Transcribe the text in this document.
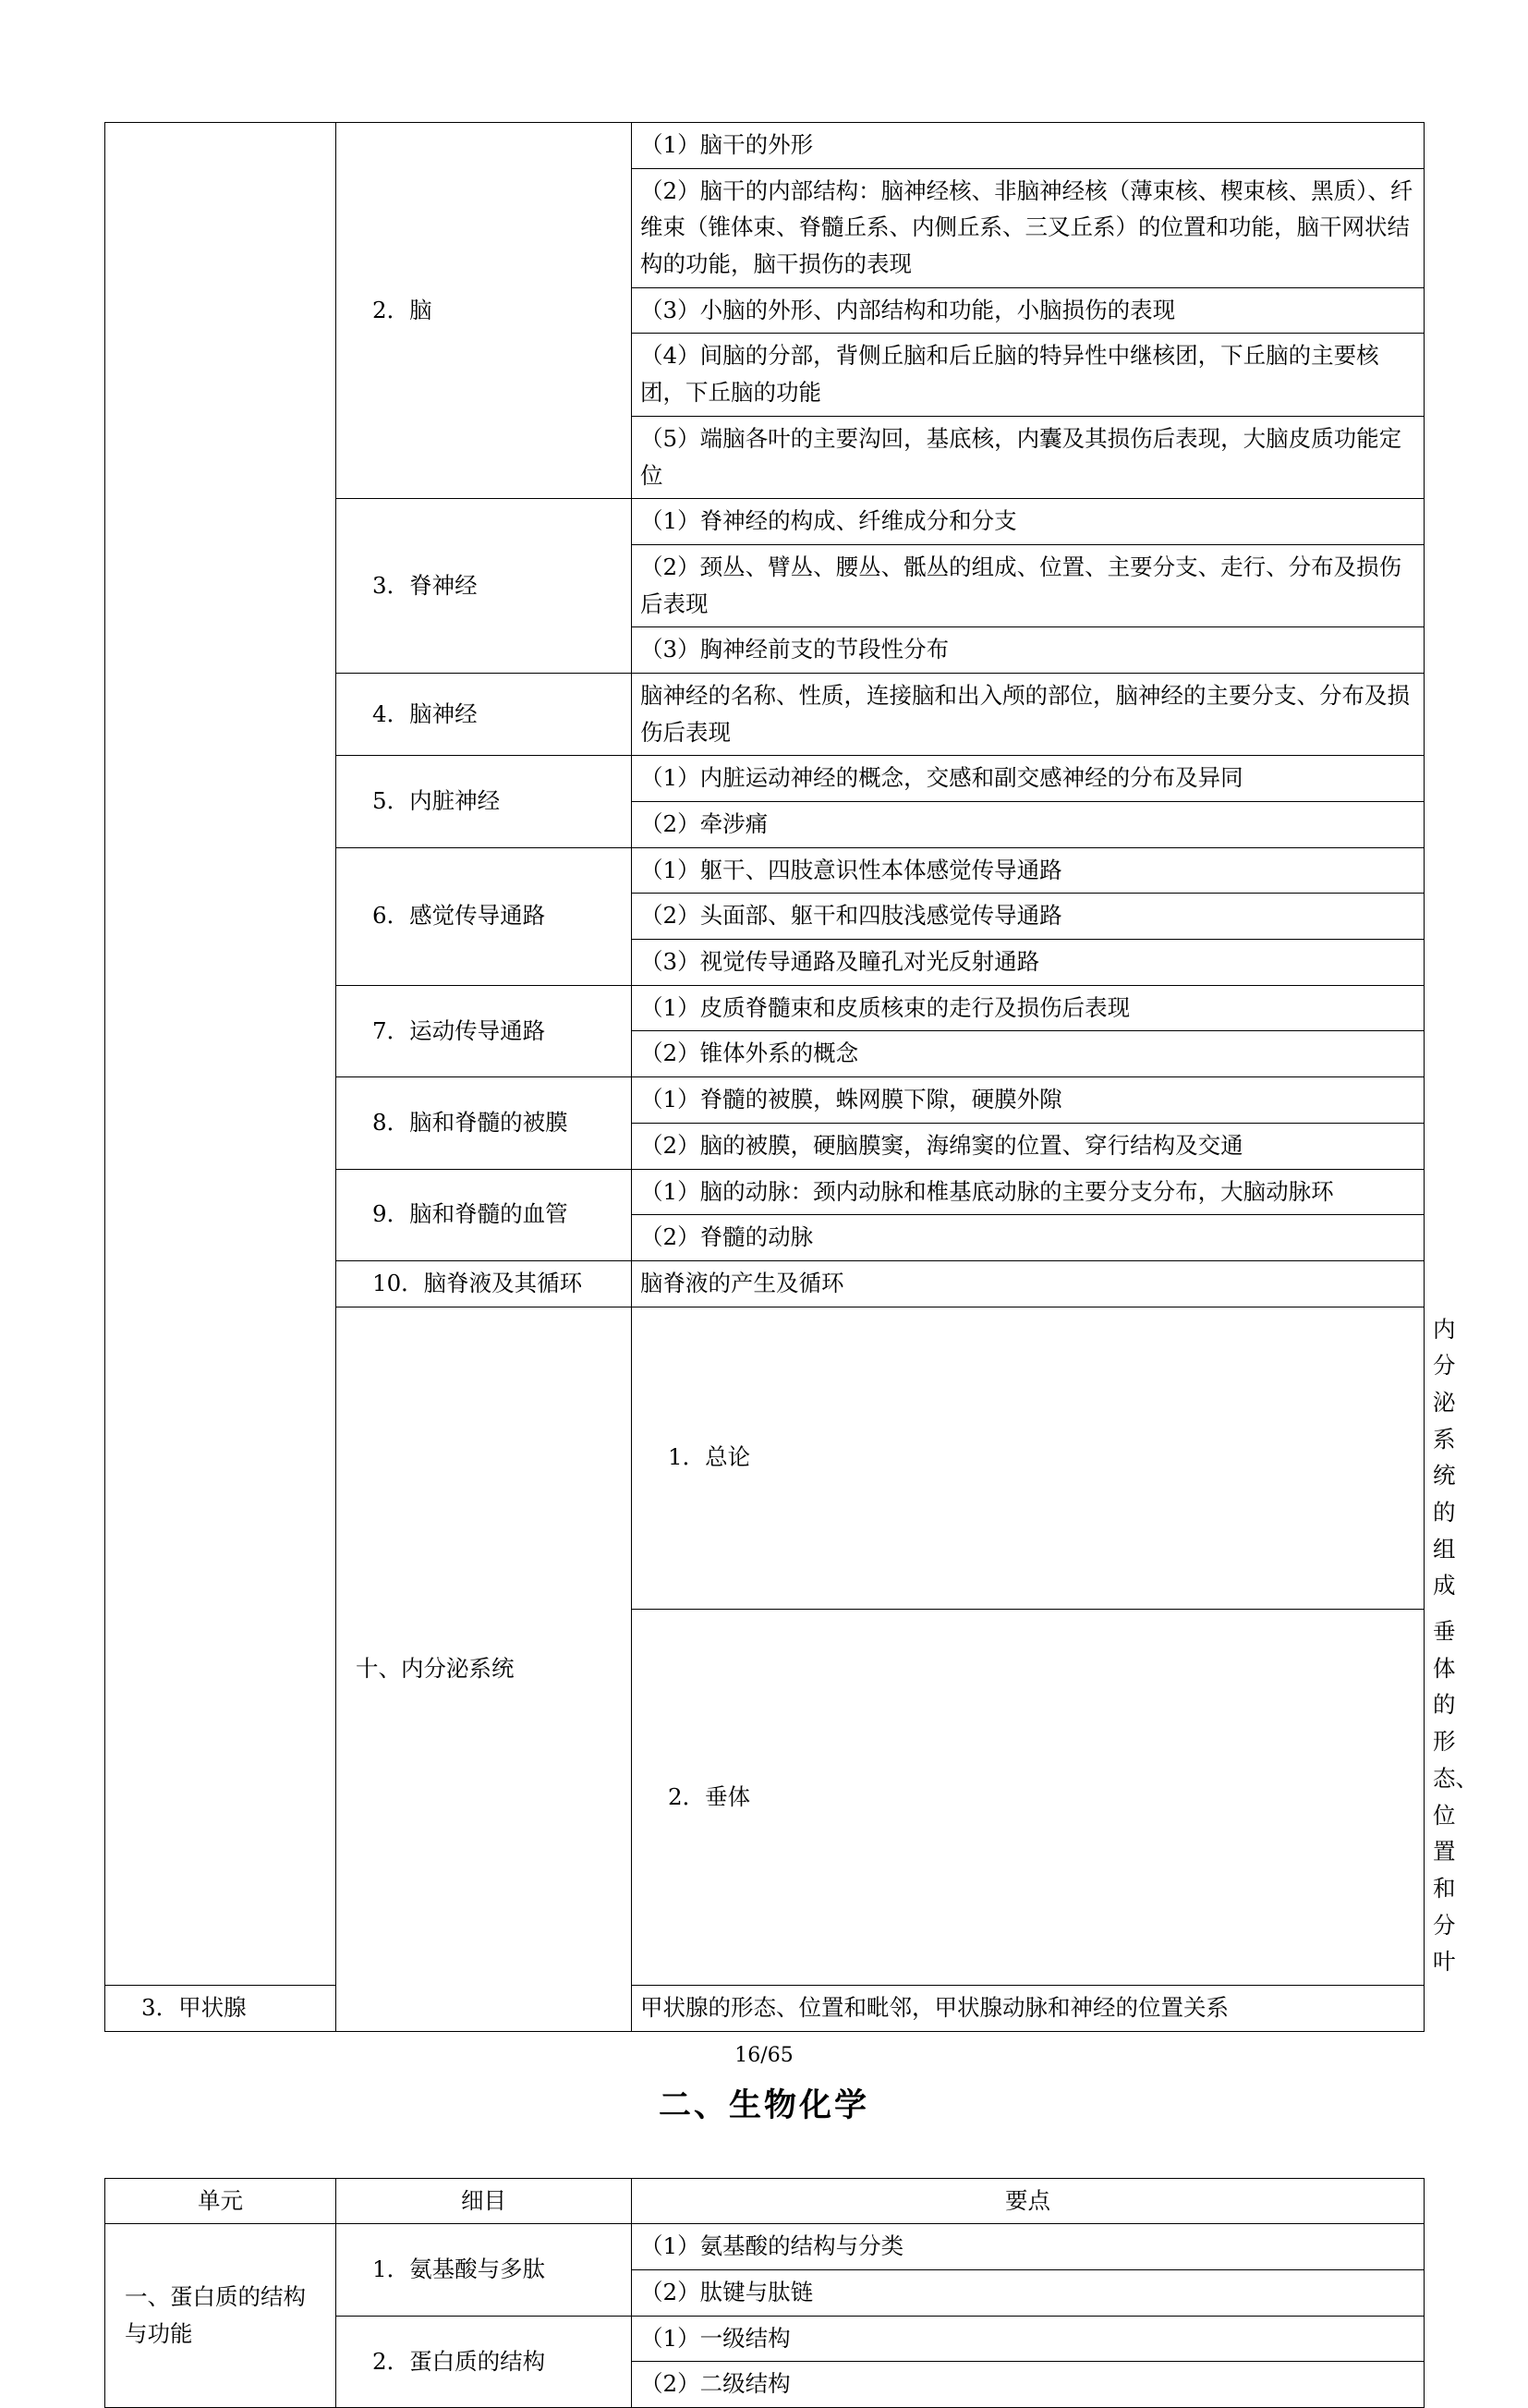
	2．脑	（1）脑干的外形	
		（2）脑干的内部结构：脑神经核、非脑神经核（薄束核、楔束核、黑质）、纤维束（锥体束、脊髓丘系、内侧丘系、三叉丘系）的位置和功能，脑干网状结构的功能，脑干损伤的表现	
		（3）小脑的外形、内部结构和功能，小脑损伤的表现	
		（4）间脑的分部，背侧丘脑和后丘脑的特异性中继核团，下丘脑的主要核团，下丘脑的功能	
		（5）端脑各叶的主要沟回，基底核，内囊及其损伤后表现，大脑皮质功能定位	

	3．脊神经	（1）脊神经的构成、纤维成分和分支	
		（2）颈丛、臂丛、腰丛、骶丛的组成、位置、主要分支、走行、分布及损伤后表现	
		（3）胸神经前支的节段性分布	

	4．脑神经	脑神经的名称、性质，连接脑和出入颅的部位，脑神经的主要分支、分布及损伤后表现	

	5．内脏神经	（1）内脏运动神经的概念，交感和副交感神经的分布及异同	
		（2）牵涉痛	

	6．感觉传导通路	（1）躯干、四肢意识性本体感觉传导通路	
		（2）头面部、躯干和四肢浅感觉传导通路	
		（3）视觉传导通路及瞳孔对光反射通路	

	7．运动传导通路	（1）皮质脊髓束和皮质核束的走行及损伤后表现	
		（2）锥体外系的概念	

	8．脑和脊髓的被膜	（1）脊髓的被膜，蛛网膜下隙，硬膜外隙	
		（2）脑的被膜，硬脑膜窦，海绵窦的位置、穿行结构及交通	

	9．脑和脊髓的血管	（1）脑的动脉：颈内动脉和椎基底动脉的主要分支分布，大脑动脉环	
		（2）脊髓的动脉	

	10．脑脊液及其循环	脑脊液的产生及循环	

	十、内分泌系统	1．总论	内分泌系统的组成

		2．垂体	垂体的形态、位置和分叶

3．甲状腺		甲状腺的形态、位置和毗邻，甲状腺动脉和神经的位置关系	
二、生物化学
单元	细目	要点

一、蛋白质的结构与功能	1．氨基酸与多肽	（1）氨基酸的结构与分类
		（2）肽键与肽链

	2．蛋白质的结构	（1）一级结构
		（2）二级结构
16/65
